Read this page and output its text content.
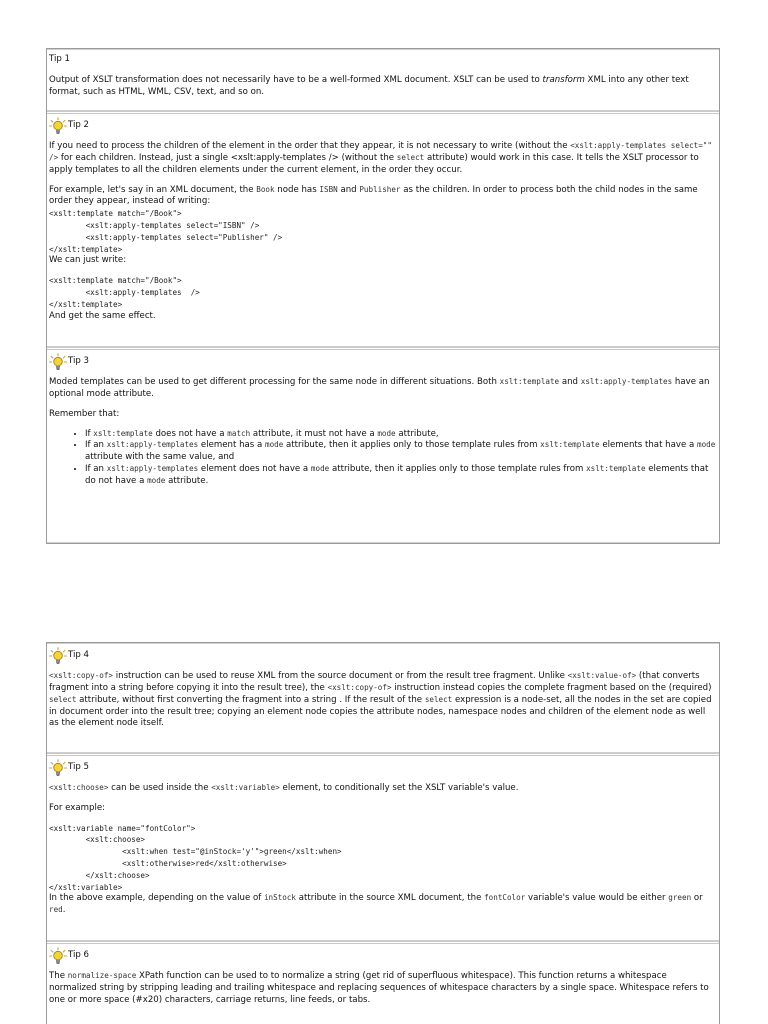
Tip 1

Output of XSLT transformation does not necessarily have to be a well-formed XML document. XSLT can be used to transform XML into any other text format, such as HTML, WML, CSV, text, and so on.

Tip 2

If you need to process the children of the element in the order that they appear, it is not necessary to write (without the <xslt:apply-templates select="" /> for each children. Instead, just a single <xslt:apply-templates /> (without the select attribute) would work in this case. It tells the XSLT processor to apply templates to all the children elements under the current element, in the order they occur.

For example, let's say in an XML document, the Book node has ISBN and Publisher as the children. In order to process both the child nodes in the same order they appear, instead of writing:
<xslt:template match="/Book">
<xslt:apply-templates select="ISBN" />
<xslt:apply-templates select="Publisher" />
</xslt:template>
We can just write:
<xslt:template match="/Book">
<xslt:apply-templates  />
</xslt:template>
And get the same effect.
Tip 3

Moded templates can be used to get different processing for the same node in different situations. Both xslt:template and xslt:apply-templates have an optional mode attribute.

Remember that:

• If xslt:template does not have a match attribute, it must not have a mode attribute,
• If an xslt:apply-templates element has a mode attribute, then it applies only to those template rules from xslt:template elements that have a mode attribute with the same value, and
• If an xslt:apply-templates element does not have a mode attribute, then it applies only to those template rules from xslt:template elements that do not have a mode attribute.
Tip 4

<xslt:copy-of> instruction can be used to reuse XML from the source document or from the result tree fragment. Unlike <xslt:value-of> (that converts fragment into a string before copying it into the result tree), the <xslt:copy-of> instruction instead copies the complete fragment based on the (required) select attribute, without first converting the fragment into a string . If the result of the select expression is a node-set, all the nodes in the set are copied in document order into the result tree; copying an element node copies the attribute nodes, namespace nodes and children of the element node as well as the element node itself.

Tip 5

<xslt:choose> can be used inside the <xslt:variable> element, to conditionally set the XSLT variable's value.

For example:

<xslt:variable name="fontColor">
<xslt:choose>
<xslt:when test="@inStock='y'">green</xslt:when>
<xslt:otherwise>red</xslt:otherwise>
</xslt:choose>
</xslt:variable>
In the above example, depending on the value of inStock attribute in the source XML document, the fontColor variable's value would be either green or red.
Tip 6

The normalize-space XPath function can be used to to normalize a string (get rid of superfluous whitespace). This function returns a whitespace normalized string by stripping leading and trailing whitespace and replacing sequences of whitespace characters by a single space. Whitespace refers to one or more space (#x20) characters, carriage returns, line feeds, or tabs.
